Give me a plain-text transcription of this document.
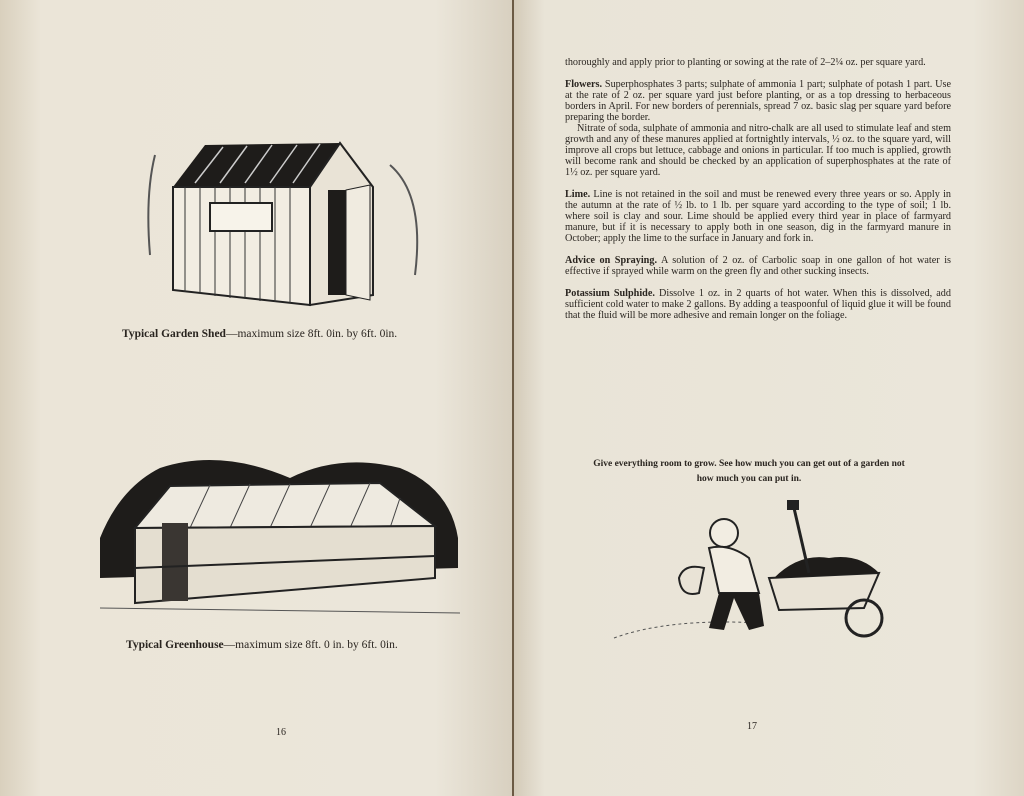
Typical Garden Shed—maximum size 8ft. 0in. by 6ft. 0in.
Typical Greenhouse—maximum size 8ft. 0 in. by 6ft. 0in.
16

thoroughly and apply prior to planting or sowing at the rate of 2–2¼ oz. per square yard.

Flowers. Superphosphates 3 parts; sulphate of ammonia 1 part; sulphate of potash 1 part. Use at the rate of 2 oz. per square yard just before planting, or as a top dressing to herbaceous borders in April. For new borders of perennials, spread 7 oz. basic slag per square yard before preparing the border.

Nitrate of soda, sulphate of ammonia and nitro-chalk are all used to stimulate leaf and stem growth and any of these manures applied at fortnightly intervals, ½ oz. to the square yard, will improve all crops but lettuce, cabbage and onions in particular. If too much is applied, growth will become rank and should be checked by an application of superphosphates at the rate of 1½ oz. per square yard.

Lime. Line is not retained in the soil and must be renewed every three years or so. Apply in the autumn at the rate of ½ lb. to 1 lb. per square yard according to the type of soil; 1 lb. where soil is clay and sour. Lime should be applied every third year in place of farmyard manure, but if it is necessary to apply both in one season, dig in the farmyard manure in October; apply the lime to the surface in January and fork in.

Advice on Spraying. A solution of 2 oz. of Carbolic soap in one gallon of hot water is effective if sprayed while warm on the green fly and other sucking insects.

Potassium Sulphide. Dissolve 1 oz. in 2 quarts of hot water. When this is dissolved, add sufficient cold water to make 2 gallons. By adding a teaspoonful of liquid glue it will be found that the fluid will be more adhesive and remain longer on the foliage.

Give everything room to grow. See how much you can get out of a garden not how much you can put in.
17
